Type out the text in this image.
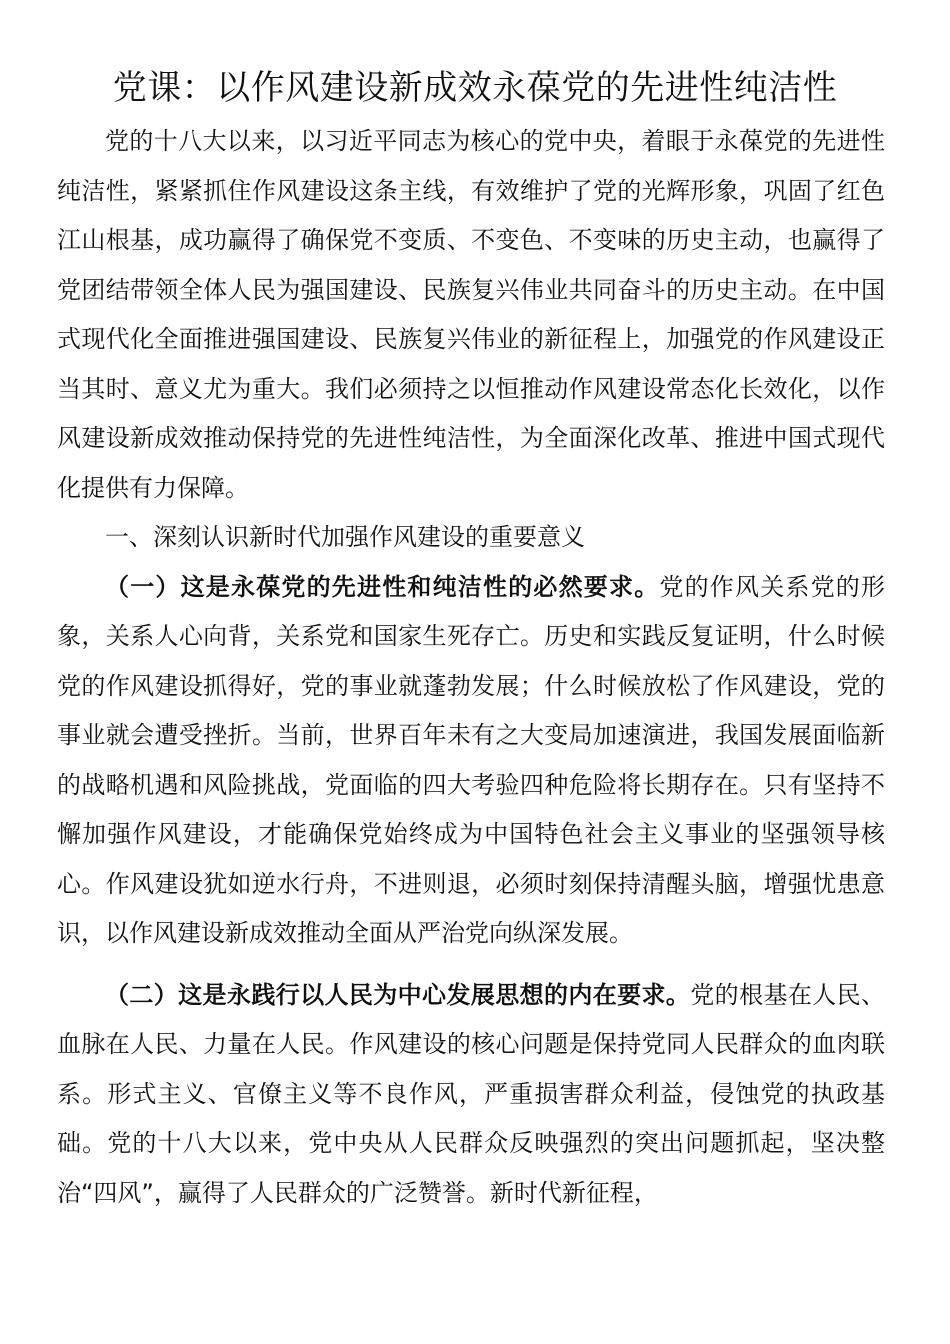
党课：以作风建设新成效永葆党的先进性纯洁性

党的十八大以来，以习近平同志为核心的党中央，着眼于永葆党的先进性纯洁性，紧紧抓住作风建设这条主线，有效维护了党的光辉形象，巩固了红色江山根基，成功赢得了确保党不变质、不变色、不变味的历史主动，也赢得了党团结带领全体人民为强国建设、民族复兴伟业共同奋斗的历史主动。在中国式现代化全面推进强国建设、民族复兴伟业的新征程上，加强党的作风建设正当其时、意义尤为重大。我们必须持之以恒推动作风建设常态化长效化，以作风建设新成效推动保持党的先进性纯洁性，为全面深化改革、推进中国式现代化提供有力保障。

一、深刻认识新时代加强作风建设的重要意义

（一）这是永葆党的先进性和纯洁性的必然要求。党的作风关系党的形象，关系人心向背，关系党和国家生死存亡。历史和实践反复证明，什么时候党的作风建设抓得好，党的事业就蓬勃发展；什么时候放松了作风建设，党的事业就会遭受挫折。当前，世界百年未有之大变局加速演进，我国发展面临新的战略机遇和风险挑战，党面临的四大考验四种危险将长期存在。只有坚持不懈加强作风建设，才能确保党始终成为中国特色社会主义事业的坚强领导核心。作风建设犹如逆水行舟，不进则退，必须时刻保持清醒头脑，增强忧患意识，以作风建设新成效推动全面从严治党向纵深发展。

（二）这是永践行以人民为中心发展思想的内在要求。党的根基在人民、血脉在人民、力量在人民。作风建设的核心问题是保持党同人民群众的血肉联系。形式主义、官僚主义等不良作风，严重损害群众利益，侵蚀党的执政基础。党的十八大以来，党中央从人民群众反映强烈的突出问题抓起，坚决整治“四风”，赢得了人民群众的广泛赞誉。新时代新征程，
